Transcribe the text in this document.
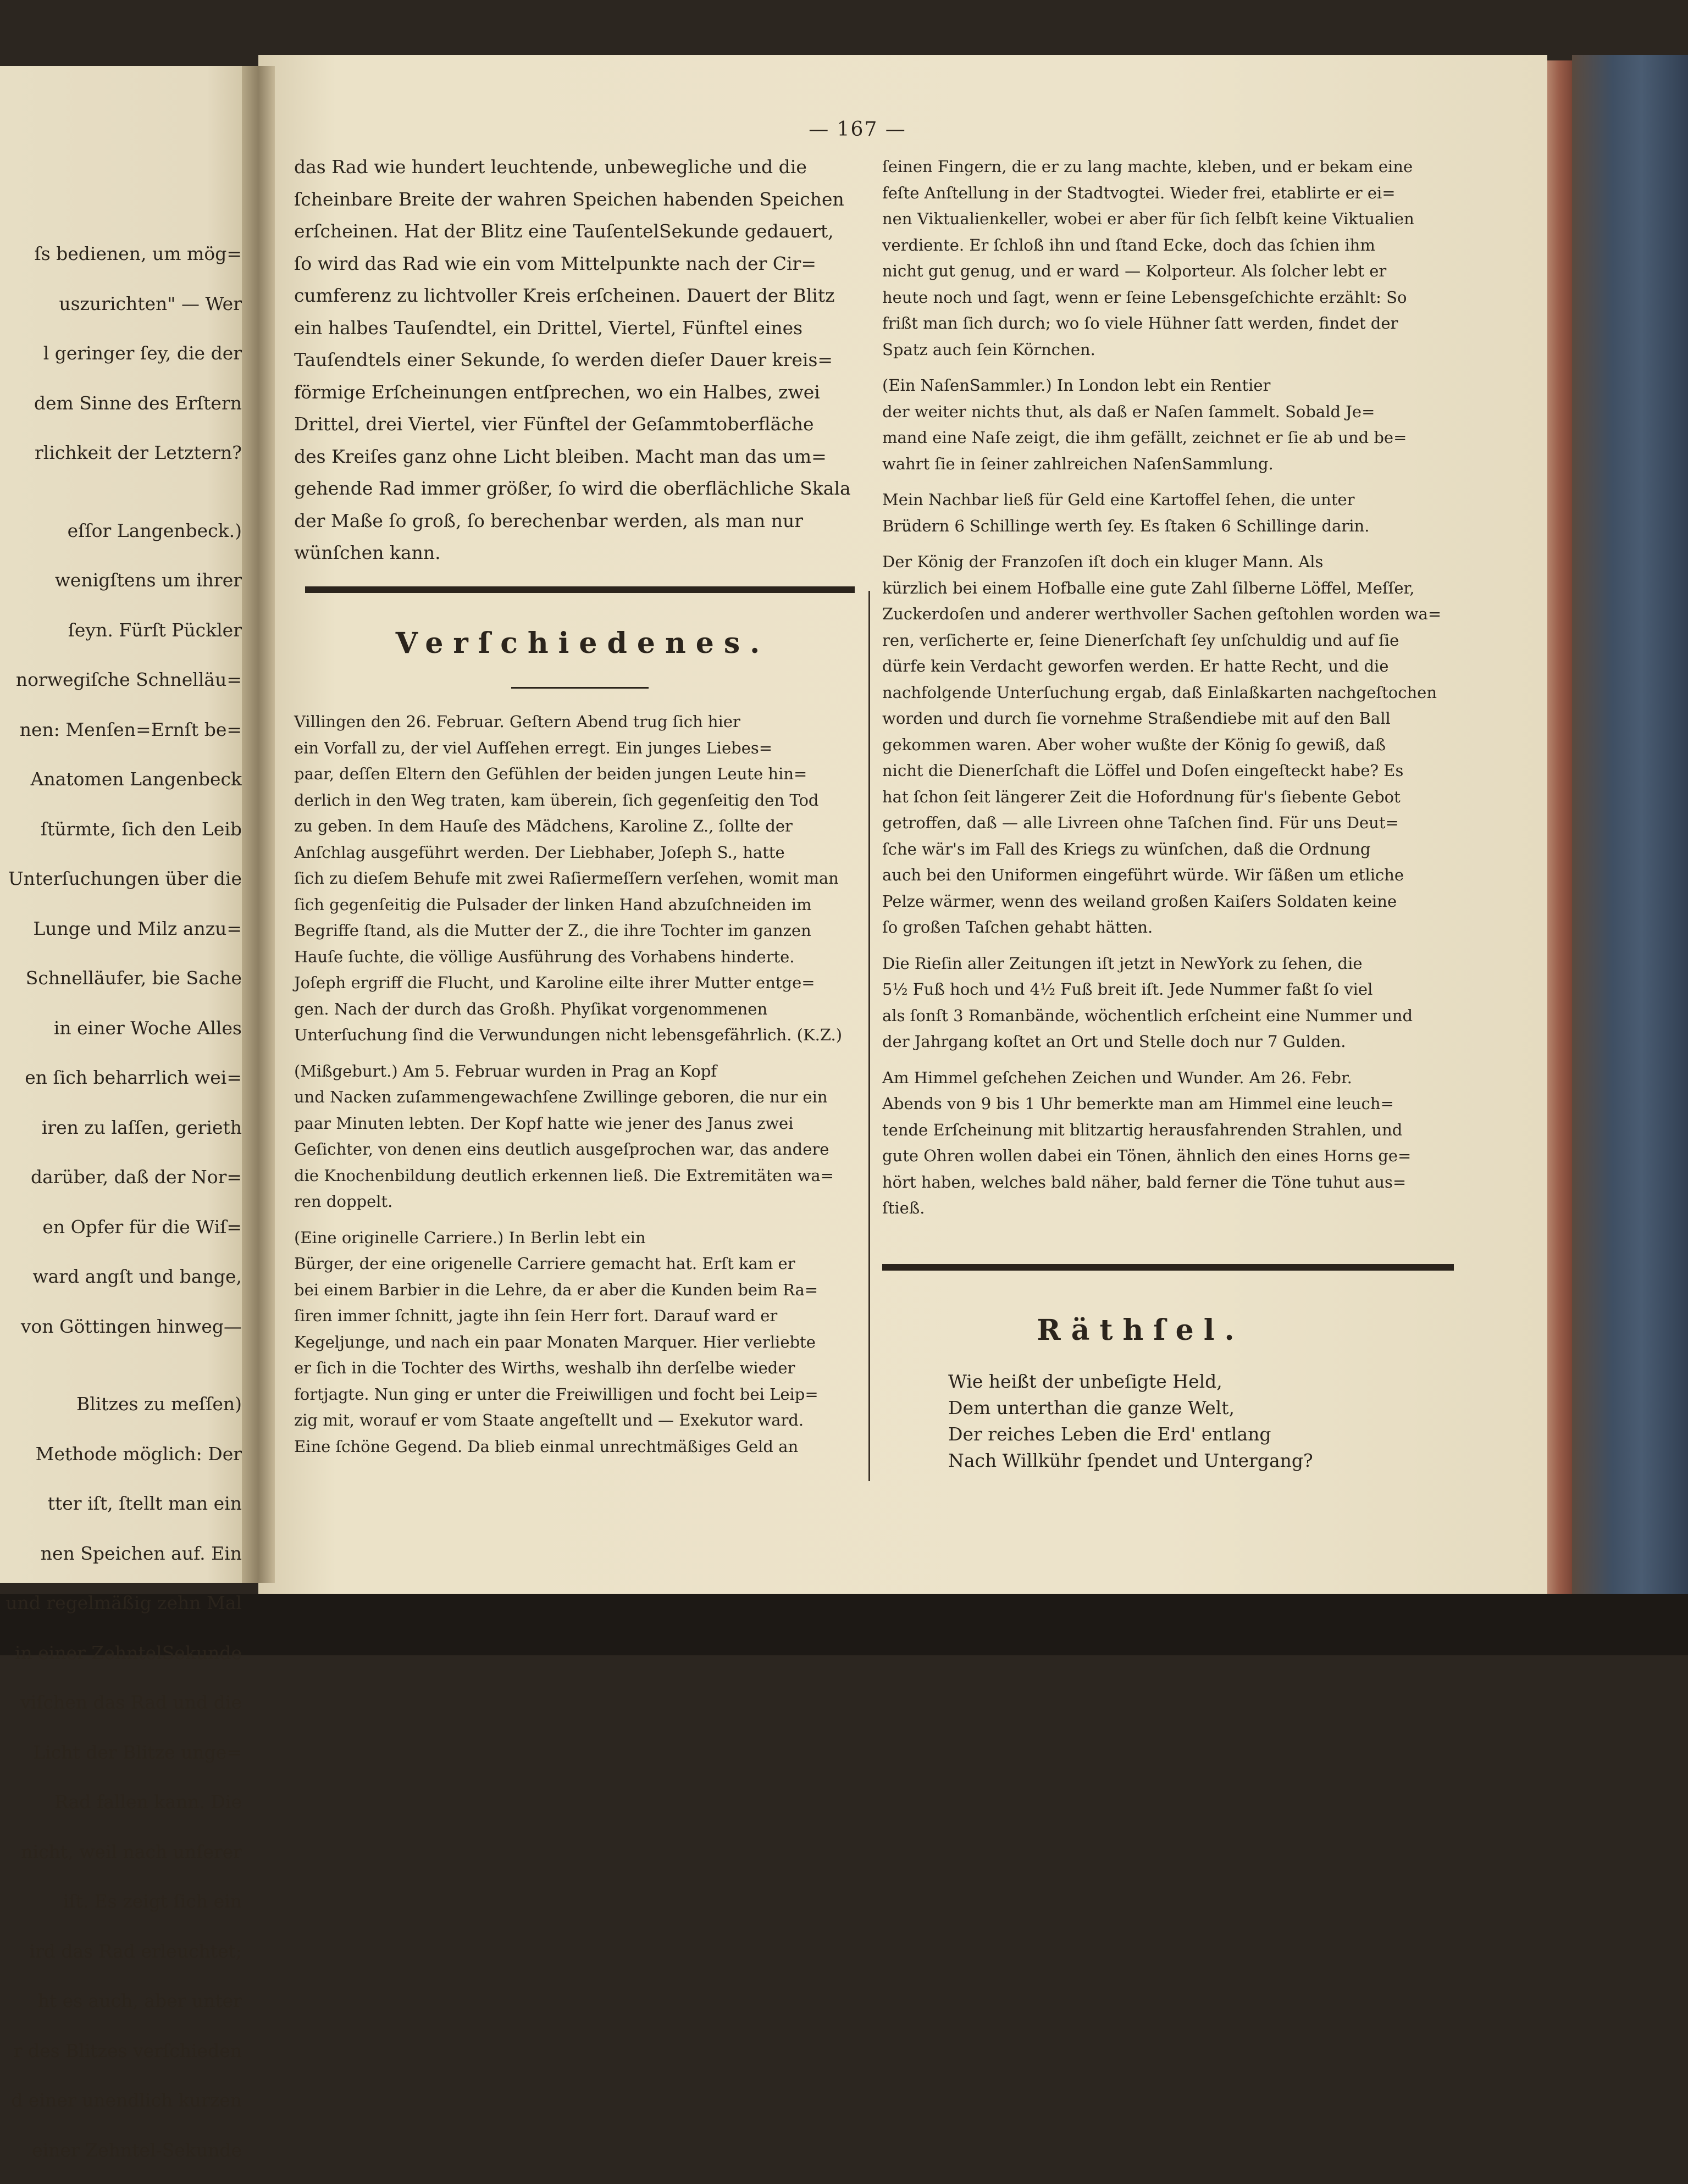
ſs bedienen, um mög=

uszurichten" — Wer

l geringer ſey, die der

dem Sinne des Erſtern

rlichkeit der Letztern?

eſſor Langenbeck.)

wenigſtens um ihrer

ſeyn. Fürſt Pückler

norwegiſche Schnelläu=

nen: Menſen=Ernſt be=

Anatomen Langenbeck

ſtürmte, ſich den Leib

Unterſuchungen über die

Lunge und Milz anzu=

Schnelläufer, bie Sache

in einer Woche Alles

en ſich beharrlich wei=

iren zu laſſen, gerieth

darüber, daß der Nor=

en Opfer für die Wiſ=

ward angſt und bange,

von Göttingen hinweg—

Blitzes zu meſſen)

Methode möglich: Der

tter iſt, ſtellt man ein

nen Speichen auf. Ein

und regelmäßig zehn Mal

in einer ZehntelSekunde

viſchen das Rad und die

Licht der Blitze unge=

Rad fallen kann. Die

nicht, weil nach unſerer

iſt. Es zeigt ſich ein

ird das Rad erleuchtet;

ht es auch, aber unter

r des Blitzes verſchieden

d einer unendlich kurzen

einer Zehntel-Sekunde

— 167 —

das Rad wie hundert leuchtende, unbewegliche und die

ſcheinbare Breite der wahren Speichen habenden Speichen

erſcheinen. Hat der Blitz eine TauſentelSekunde gedauert,

ſo wird das Rad wie ein vom Mittelpunkte nach der Cir=

cumferenz zu lichtvoller Kreis erſcheinen. Dauert der Blitz

ein halbes Tauſendtel, ein Drittel, Viertel, Fünftel eines

Tauſendtels einer Sekunde, ſo werden dieſer Dauer kreis=

förmige Erſcheinungen entſprechen, wo ein Halbes, zwei

Drittel, drei Viertel, vier Fünftel der Geſammtoberfläche

des Kreiſes ganz ohne Licht bleiben. Macht man das um=

gehende Rad immer größer, ſo wird die oberflächliche Skala

der Maße ſo groß, ſo berechenbar werden, als man nur

wünſchen kann.

Verſchiedenes.

Villingen den 26. Februar. Geſtern Abend trug ſich hier

ein Vorfall zu, der viel Aufſehen erregt. Ein junges Liebes=

paar, deſſen Eltern den Gefühlen der beiden jungen Leute hin=

derlich in den Weg traten, kam überein, ſich gegenſeitig den Tod

zu geben. In dem Hauſe des Mädchens, Karoline Z., ſollte der

Anſchlag ausgeführt werden. Der Liebhaber, Joſeph S., hatte

ſich zu dieſem Behufe mit zwei Raſiermeſſern verſehen, womit man

ſich gegenſeitig die Pulsader der linken Hand abzuſchneiden im

Begriffe ſtand, als die Mutter der Z., die ihre Tochter im ganzen

Hauſe ſuchte, die völlige Ausführung des Vorhabens hinderte.

Joſeph ergriff die Flucht, und Karoline eilte ihrer Mutter entge=

gen. Nach der durch das Großh. Phyſikat vorgenommenen

Unterſuchung ſind die Verwundungen nicht lebensgefährlich. (K.Z.)

(Mißgeburt.) Am 5. Februar wurden in Prag an Kopf

und Nacken zuſammengewachſene Zwillinge geboren, die nur ein

paar Minuten lebten. Der Kopf hatte wie jener des Janus zwei

Geſichter, von denen eins deutlich ausgeſprochen war, das andere

die Knochenbildung deutlich erkennen ließ. Die Extremitäten wa=

ren doppelt.

(Eine originelle Carriere.) In Berlin lebt ein

Bürger, der eine origenelle Carriere gemacht hat. Erſt kam er

bei einem Barbier in die Lehre, da er aber die Kunden beim Ra=

ſiren immer ſchnitt, jagte ihn ſein Herr fort. Darauf ward er

Kegeljunge, und nach ein paar Monaten Marquer. Hier verliebte

er ſich in die Tochter des Wirths, weshalb ihn derſelbe wieder

fortjagte. Nun ging er unter die Freiwilligen und focht bei Leip=

zig mit, worauf er vom Staate angeſtellt und — Exekutor ward.

Eine ſchöne Gegend. Da blieb einmal unrechtmäßiges Geld an

ſeinen Fingern, die er zu lang machte, kleben, und er bekam eine

feſte Anſtellung in der Stadtvogtei. Wieder frei, etablirte er ei=

nen Viktualienkeller, wobei er aber für ſich ſelbſt keine Viktualien

verdiente. Er ſchloß ihn und ſtand Ecke, doch das ſchien ihm

nicht gut genug, und er ward — Kolporteur. Als ſolcher lebt er

heute noch und ſagt, wenn er ſeine Lebensgeſchichte erzählt: So

frißt man ſich durch; wo ſo viele Hühner ſatt werden, findet der

Spatz auch ſein Körnchen.

(Ein NaſenSammler.) In London lebt ein Rentier

der weiter nichts thut, als daß er Naſen ſammelt. Sobald Je=

mand eine Naſe zeigt, die ihm gefällt, zeichnet er ſie ab und be=

wahrt ſie in ſeiner zahlreichen NaſenSammlung.

Mein Nachbar ließ für Geld eine Kartoffel ſehen, die unter

Brüdern 6 Schillinge werth ſey. Es ſtaken 6 Schillinge darin.

Der König der Franzoſen iſt doch ein kluger Mann. Als

kürzlich bei einem Hofballe eine gute Zahl ſilberne Löffel, Meſſer,

Zuckerdoſen und anderer werthvoller Sachen geſtohlen worden wa=

ren, verſicherte er, ſeine Dienerſchaft ſey unſchuldig und auf ſie

dürfe kein Verdacht geworfen werden. Er hatte Recht, und die

nachfolgende Unterſuchung ergab, daß Einlaßkarten nachgeſtochen

worden und durch ſie vornehme Straßendiebe mit auf den Ball

gekommen waren. Aber woher wußte der König ſo gewiß, daß

nicht die Dienerſchaft die Löffel und Doſen eingeſteckt habe? Es

hat ſchon ſeit längerer Zeit die Hofordnung für's ſiebente Gebot

getroffen, daß — alle Livreen ohne Taſchen ſind. Für uns Deut=

ſche wär's im Fall des Kriegs zu wünſchen, daß die Ordnung

auch bei den Uniformen eingeführt würde. Wir ſäßen um etliche

Pelze wärmer, wenn des weiland großen Kaiſers Soldaten keine

ſo großen Taſchen gehabt hätten.

Die Rieſin aller Zeitungen iſt jetzt in NewYork zu ſehen, die

5½ Fuß hoch und 4½ Fuß breit iſt. Jede Nummer faßt ſo viel

als ſonſt 3 Romanbände, wöchentlich erſcheint eine Nummer und

der Jahrgang koſtet an Ort und Stelle doch nur 7 Gulden.

Am Himmel geſchehen Zeichen und Wunder. Am 26. Febr.

Abends von 9 bis 1 Uhr bemerkte man am Himmel eine leuch=

tende Erſcheinung mit blitzartig herausfahrenden Strahlen, und

gute Ohren wollen dabei ein Tönen, ähnlich den eines Horns ge=

hört haben, welches bald näher, bald ferner die Töne tuhut aus=

ſtieß.

Räthſel.

Wie heißt der unbeſigte Held,

Dem unterthan die ganze Welt,

Der reiches Leben die Erd' entlang

Nach Willkühr ſpendet und Untergang?
